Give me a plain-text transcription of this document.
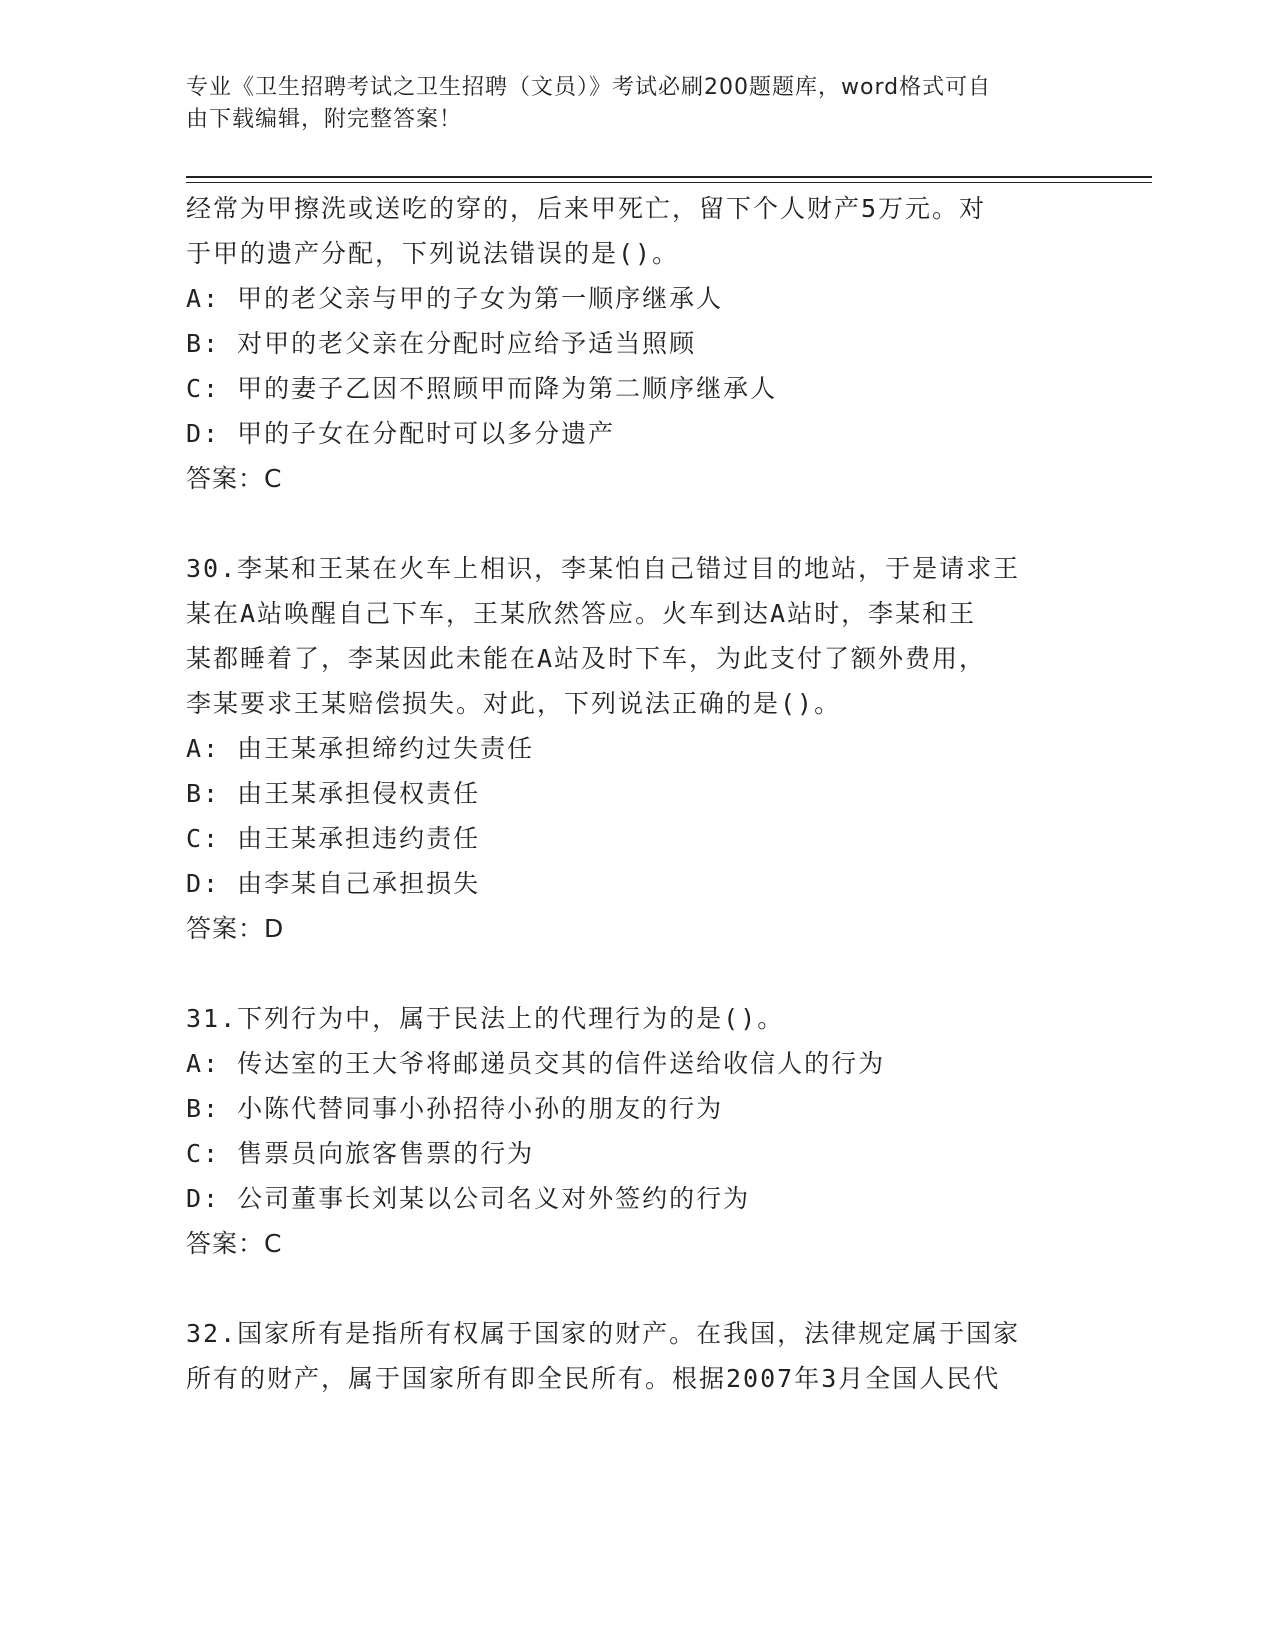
专业《卫生招聘考试之卫生招聘（文员）》考试必刷200题题库，word格式可自
由下载编辑，附完整答案！
经常为甲擦洗或送吃的穿的，后来甲死亡，留下个人财产5万元。对
于甲的遗产分配，下列说法错误的是()。
A: 甲的老父亲与甲的子女为第一顺序继承人
B: 对甲的老父亲在分配时应给予适当照顾
C: 甲的妻子乙因不照顾甲而降为第二顺序继承人
D: 甲的子女在分配时可以多分遗产
答案：C
30.李某和王某在火车上相识，李某怕自己错过目的地站，于是请求王
某在A站唤醒自己下车，王某欣然答应。火车到达A站时，李某和王
某都睡着了，李某因此未能在A站及时下车，为此支付了额外费用，
李某要求王某赔偿损失。对此，下列说法正确的是()。
A: 由王某承担缔约过失责任
B: 由王某承担侵权责任
C: 由王某承担违约责任
D: 由李某自己承担损失
答案：D
31.下列行为中，属于民法上的代理行为的是()。
A: 传达室的王大爷将邮递员交其的信件送给收信人的行为
B: 小陈代替同事小孙招待小孙的朋友的行为
C: 售票员向旅客售票的行为
D: 公司董事长刘某以公司名义对外签约的行为
答案：C
32.国家所有是指所有权属于国家的财产。在我国，法律规定属于国家
所有的财产，属于国家所有即全民所有。根据2007年3月全国人民代
